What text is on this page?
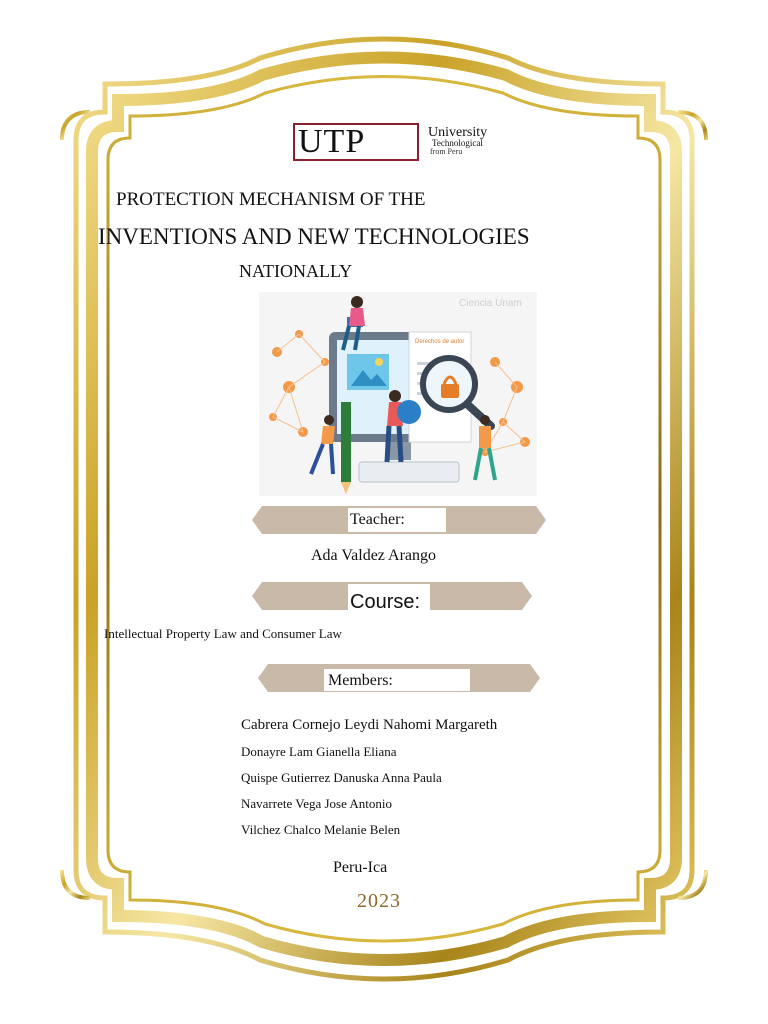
UTP	University
Technological
from Peru
PROTECTION MECHANISM OF THE
INVENTIONS AND NEW TECHNOLOGIES
NATIONALLY
Derechos de autor
Ciencia Unam
Teacher:
Ada Valdez Arango
Course:
Intellectual Property Law and Consumer Law
Members:
Cabrera Cornejo Leydi Nahomi Margareth
Donayre Lam Gianella Eliana
Quispe Gutierrez Danuska Anna Paula
Navarrete Vega Jose Antonio
Vilchez Chalco Melanie Belen
Peru-Ica
2023
